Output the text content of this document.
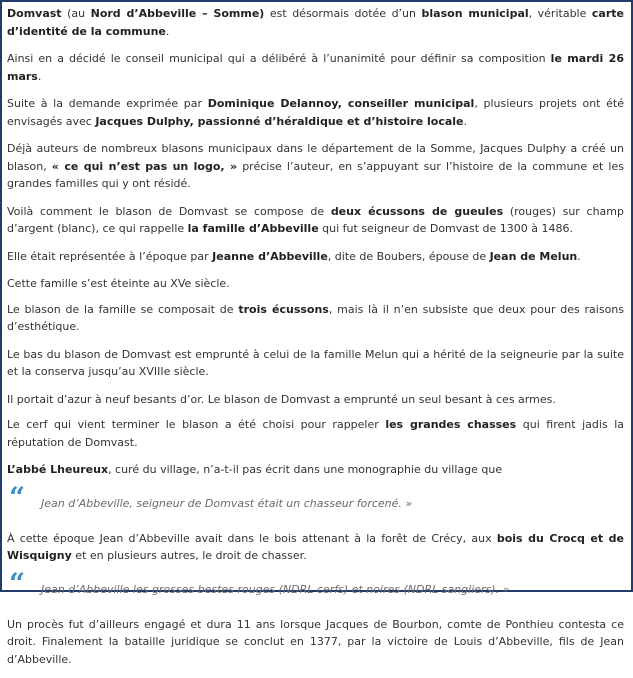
Domvast (au Nord d’Abbeville – Somme) est désormais dotée d’un blason municipal, véritable carte d’identité de la commune.

Ainsi en a décidé le conseil municipal qui a délibéré à l’unanimité pour définir sa composition le mardi 26 mars.

Suite à la demande exprimée par Dominique Delannoy, conseiller municipal, plusieurs projets ont été envisagés avec Jacques Dulphy, passionné d’héraldique et d’histoire locale.

Déjà auteurs de nombreux blasons municipaux dans le département de la Somme, Jacques Dulphy a créé un blason, « ce qui n’est pas un logo, » précise l’auteur, en s’appuyant sur l’histoire de la commune et les grandes familles qui y ont résidé.

Voilà comment le blason de Domvast se compose de deux écussons de gueules (rouges) sur champ d’argent (blanc), ce qui rappelle la famille d’Abbeville qui fut seigneur de Domvast de 1300 à 1486.

Elle était représentée à l’époque par Jeanne d’Abbeville, dite de Boubers, épouse de Jean de Melun.

Cette famille s’est éteinte au XVe siècle.

Le blason de la famille se composait de trois écussons, mais là il n’en subsiste que deux pour des raisons d’esthétique.

Le bas du blason de Domvast est emprunté à celui de la famille Melun qui a hérité de la seigneurie par la suite et la conserva jusqu’au XVIIIe siècle.

Il portait d’azur à neuf besants d’or. Le blason de Domvast a emprunté un seul besant à ces armes.

Le cerf qui vient terminer le blason a été choisi pour rappeler les grandes chasses qui firent jadis la réputation de Domvast.

L’abbé Lheureux, curé du village, n’a-t-il pas écrit dans une monographie du village que

“ Jean d’Abbeville, seigneur de Domvast était un chasseur forcené. »

À cette époque Jean d’Abbeville avait dans le bois attenant à la forêt de Crécy, aux bois du Crocq et de Wisquigny et en plusieurs autres, le droit de chasser.

“ Jean d’Abbeville les grosses bestes rouges (NDRL cerfs) et noires (NDRL sangliers). »

Un procès fut d’ailleurs engagé et dura 11 ans lorsque Jacques de Bourbon, comte de Ponthieu contesta ce droit. Finalement la bataille juridique se conclut en 1377, par la victoire de Louis d’Abbeville, fils de Jean d’Abbeville.
